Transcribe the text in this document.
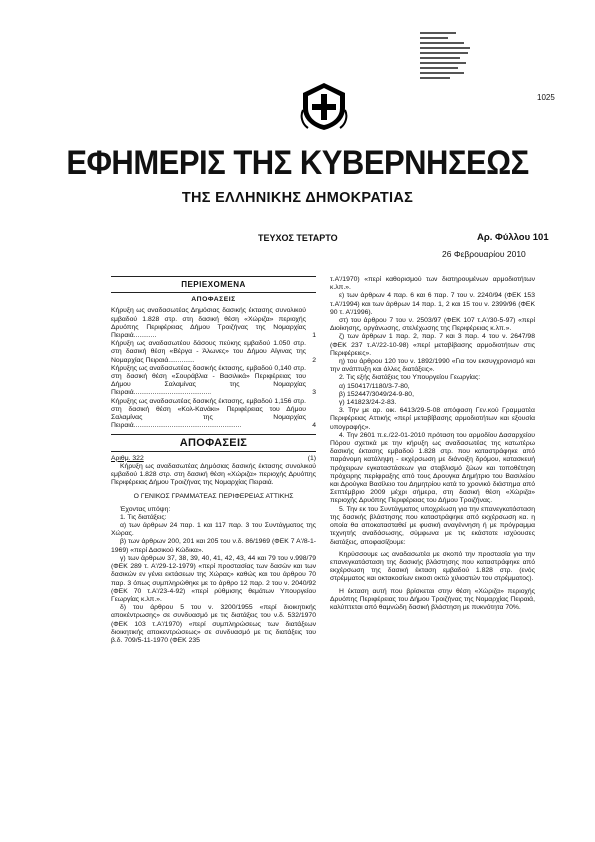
1025
ΕΦΗΜΕΡΙΣ ΤΗΣ ΚΥΒΕΡΝΗΣΕΩΣ
ΤΗΣ ΕΛΛΗΝΙΚΗΣ ΔΗΜΟΚΡΑΤΙΑΣ
ΤΕΥΧΟΣ ΤΕΤΑΡΤΟ	Αρ. Φύλλου 101
26 Φεβρουαρίου 2010
ΠΕΡΙΕΧΟΜΕΝΑ
ΑΠΟΦΑΣΕΙΣ
Κήρυξη ως αναδασωτέας Δημόσιας δασικής έκτασης συνολικού εμβαδού 1.828 στρ. στη δασική θέση «Χώριζα» περιοχής Δρυόπης Περιφέρειας Δήμου Τροιζήνας της Νομαρχίας Πειραιά............	1
Κήρυξη ως αναδασωτέου δάσους πεύκης εμβαδού 1.050 στρ. στη δασική θέση «Βέργα - Άλωνες» του Δήμου Αίγινας της Νομαρχίας Πειραιά..............	2
Κήρυξης ως αναδασωτέας δασικής έκτασης, εμβαδού 0,140 στρ. στη δασική θέση «Σουράβλια - Βασιλικά» Περιφέρειας του Δήμου Σαλαμίνας της Νομαρχίας Πειραιά.........................................	3
Κήρυξης ως αναδασωτέας δασικής έκτασης, εμβαδού 1,156 στρ. στη δασική θέση «Κολ-Κανάκι» Περιφέρειας του Δήμου Σαλαμίνας της Νομαρχίας Πειραιά.........................................................	4
ΑΠΟΦΑΣΕΙΣ
Αριθμ. 322	(1)

Κήρυξη ως αναδασωτέας Δημόσιας δασικής έκτασης συνολικού εμβαδού 1.828 στρ. στη δασική θέση «Χώριζα» περιοχής Δρυόπης Περιφέρειας Δήμου Τροιζήνας της Νομαρχίας Πειραιά.

Ο ΓΕΝΙΚΟΣ ΓΡΑΜΜΑΤΕΑΣ ΠΕΡΙΦΕΡΕΙΑΣ ΑΤΤΙΚΗΣ

Έχοντας υπόψη:

1. Τις διατάξεις:

α) των άρθρων 24 παρ. 1 και 117 παρ. 3 του Συντάγματος της Χώρας.

β) των άρθρων 200, 201 και 205 του ν.δ. 86/1969 (ΦΕΚ 7 Α'/8-1-1969) «περί Δασικού Κώδικα».

γ) των άρθρων 37, 38, 39, 40, 41, 42, 43, 44 και 79 του ν.998/79 (ΦΕΚ 289 τ. Α'/29-12-1979) «περί προστασίας των δασών και των δασικών εν γένει εκτάσεων της Χώρας» καθώς και του άρθρου 70 παρ. 3 όπως συμπληρώθηκε με το άρθρο 12 παρ. 2 του ν. 2040/92 (ΦΕΚ 70 τ.Α'/23-4-92) «περί ρύθμισης θεμάτων Υπουργείου Γεωργίας κ.λπ.».

δ) του άρθρου 5 του ν. 3200/1955 «περί διοικητικής αποκέντρωσης» σε συνδυασμό με τις διατάξεις του ν.δ. 532/1970 (ΦΕΚ 103 τ.Α'/1970) «περί συμπληρώσεως των διατάξεων διοικητικής αποκεντρώσεως» σε συνδυασμό με τις διατάξεις του β.δ. 709/5-11-1970 (ΦΕΚ 235

τ.Α'/1970) «περί καθορισμού των διατηρουμένων αρμοδιοτήτων κ.λπ.».

ε) των άρθρων 4 παρ. 6 και 6 παρ. 7 του ν. 2240/94 (ΦΕΚ 153 τ.Α'/1994) και των άρθρων 14 παρ. 1, 2 και 15 του ν. 2399/96 (ΦΕΚ 90 τ. Α'/1996).

στ) του άρθρου 7 του ν. 2503/97 (ΦΕΚ 107 τ.Α'/30-5-97) «περί Διοίκησης, οργάνωσης, στελέχωσης της Περιφέρειας κ.λπ.».

ζ) των άρθρων 1 παρ. 2, παρ. 7 και 3 παρ. 4 του ν. 2647/98 (ΦΕΚ 237 τ.Α'/22-10-98) «περί μεταβίβασης αρμοδιοτήτων στις Περιφέρειες».

η) του άρθρου 120 του ν. 1892/1990 «Για τον εκσυγχρονισμό και την ανάπτυξη και άλλες διατάξεις».

2. Τις εξής διατάξεις του Υπουργείου Γεωργίας:

α) 150417/1180/3-7-80,

β) 152447/3049/24-9-80,

γ) 141823/24-2-83.

3. Την με αρ. οικ. 6413/29-5-08 απόφαση Γεν.κού Γραμματέα Περιφέρειας Αττικής «περί μεταβίβασης αρμοδιοτήτων και εξουσία υπογραφής».

4. Την 2601 π.ε./22-01-2010 πρόταση του αρμοδίου Δασαρχείου Πόρου σχετικά με την κήρυξη ως αναδασωτέας της κατωτέρω δασικής έκτασης εμβαδού 1.828 στρ. που καταστράφηκε από παράνομη κατάληψη - εκχέρσωση με διάνοιξη δρόμου, κατασκευή πρόχειρων εγκαταστάσεων για σταβλισμό ζώων και τοποθέτηση πρόχειρης περίφραξης από τους Δρουγκα Δημήτριο του Βασιλείου και Δρούγκα Βασίλειο του Δημητρίου κατά το χρονικό διάστημα από Σεπτέμβριο 2009 μέχρι σήμερα, στη δασική θέση «Χώριζα» περιοχής Δρυόπης Περιφέρειας του Δήμου Τροιζήνας.

5. Την εκ του Συντάγματος υποχρέωση για την επανεγκατάσταση της δασικής βλάστησης που καταστράφηκε από εκχέρσωση κα. η οποία θα αποκατασταθεί με φυσική αναγέννηση ή με πρόγραμμα τεχνητής αναδάσωσης, σύμφωνα με τις εκάστοτε ισχύουσες διατάξεις, αποφασίζουμε:

Κηρύσσουμε ως αναδασωτέα με σκοπό την προστασία για την επανεγκατάσταση της δασικής βλάστησης που καταστράφηκε από εκχέρσωση της δασική έκταση εμβαδού 1.828 στρ. (ενός στρέμματος και οκτακοσίων εικοσι οκτώ χιλιοστών του στρέμματος).

Η έκταση αυτή που βρίσκεται στην θέση «Χώριζα» περιοχής Δρυόπης Περιφέρειας του Δήμου Τροιζήνας της Νομαρχίας Πειραιά, καλύπτεται από θαμνώδη δασική βλάστηση με πυκνότητα 70%.
